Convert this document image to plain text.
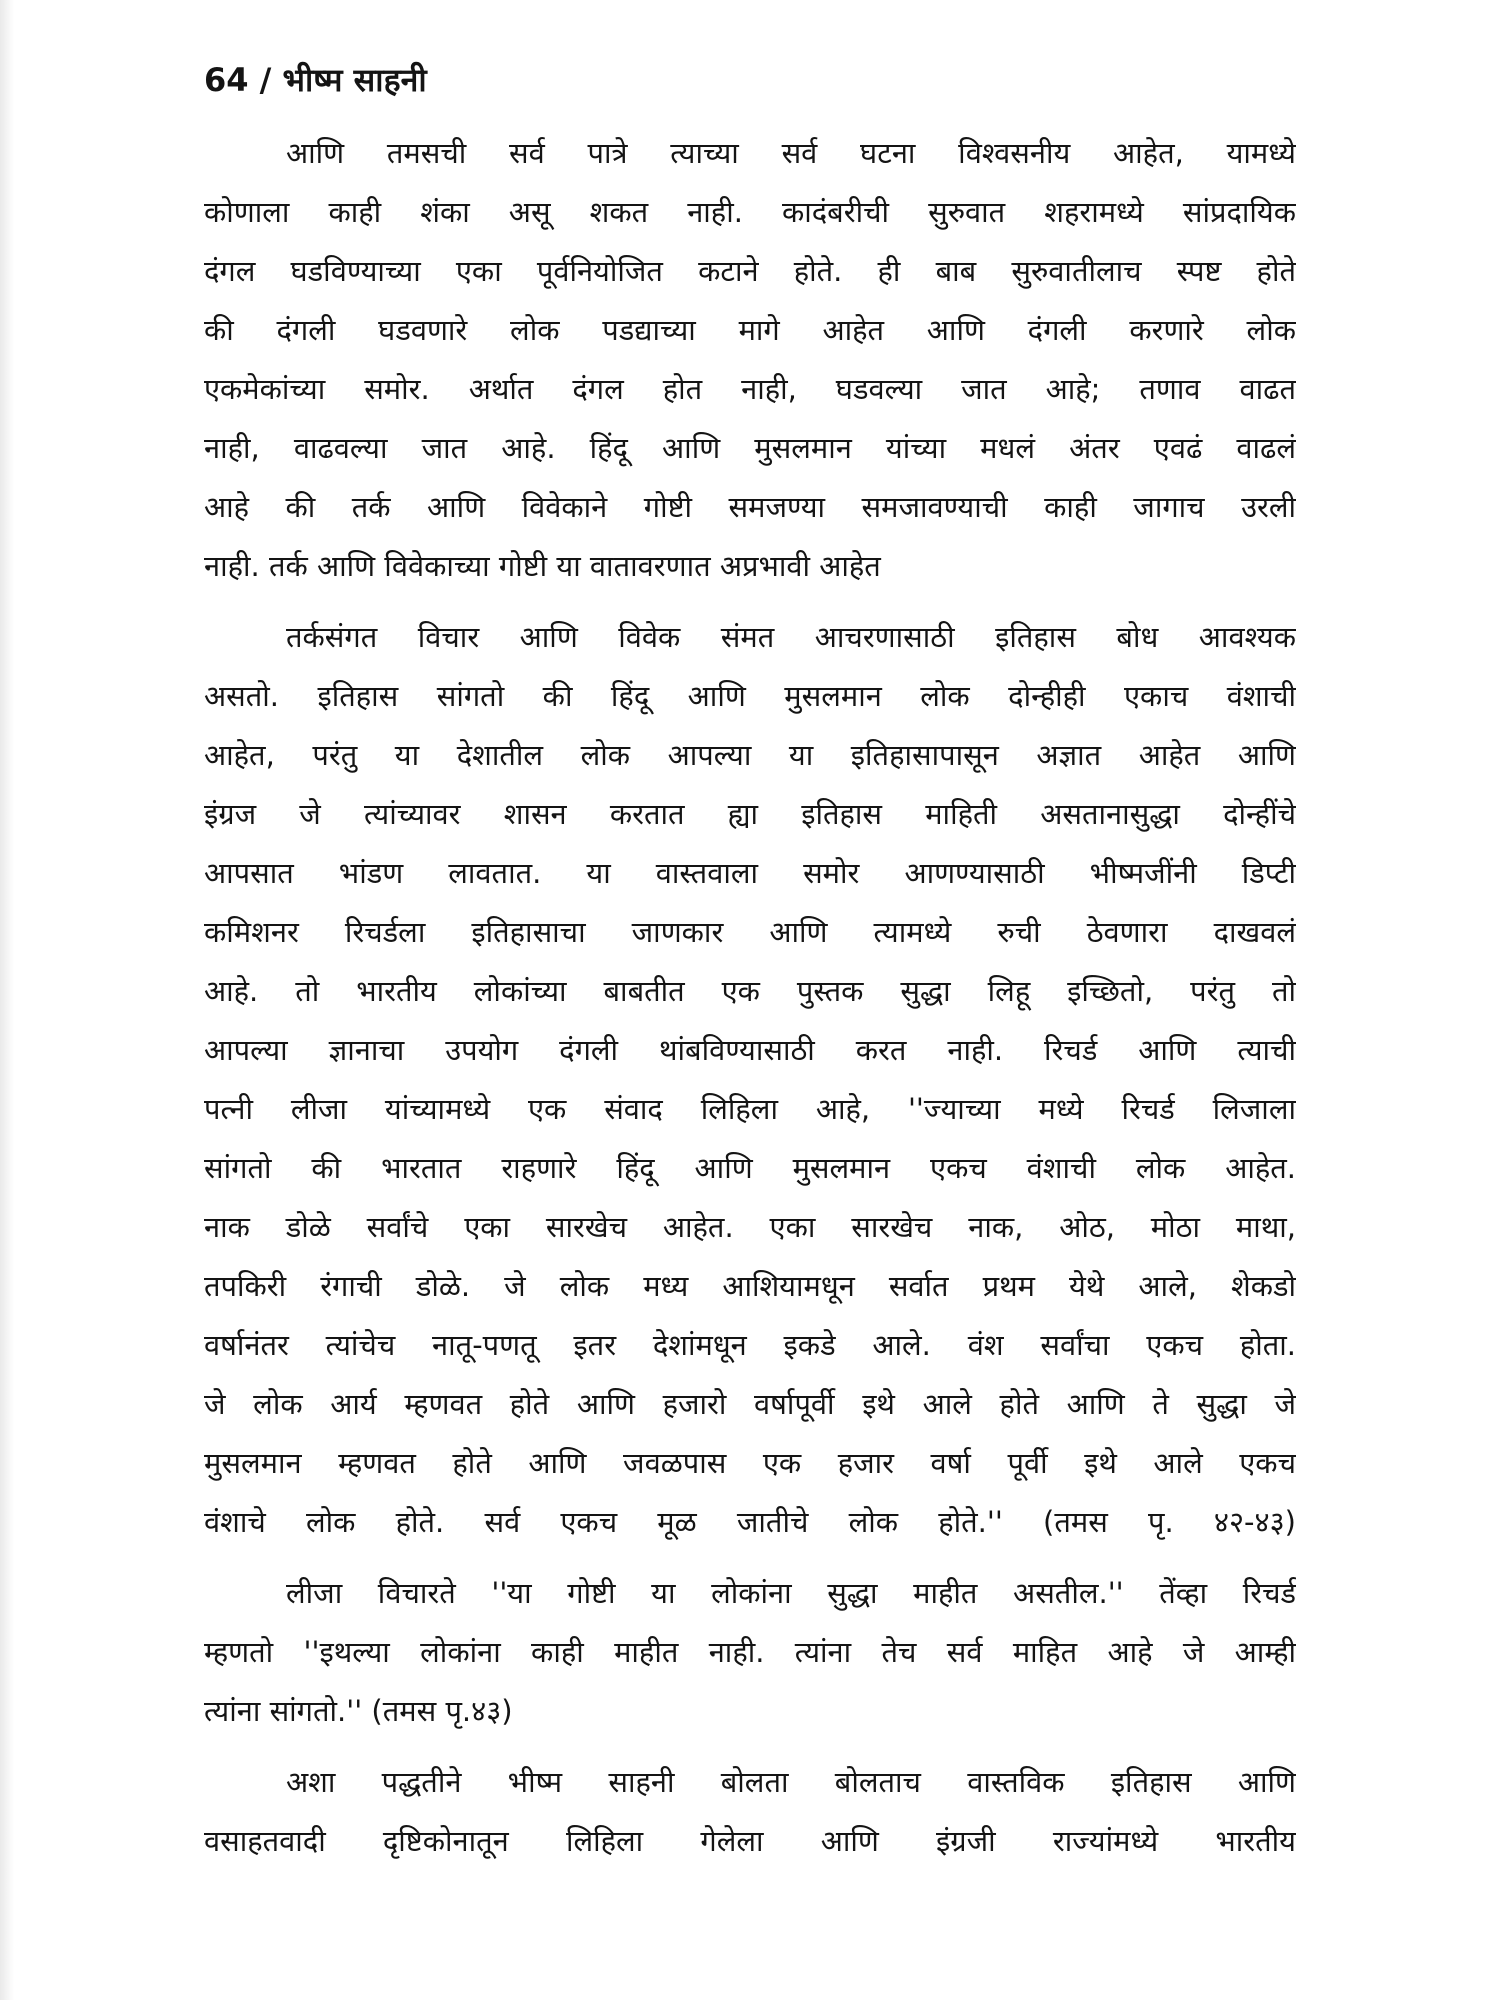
64 / भीष्म साहनी
आणि तमसची सर्व पात्रे त्याच्या सर्व घटना विश्वसनीय आहेत, यामध्ये
कोणाला काही शंका असू शकत नाही. कादंबरीची सुरुवात शहरामध्ये सांप्रदायिक
दंगल घडविण्याच्या एका पूर्वनियोजित कटाने होते. ही बाब सुरुवातीलाच स्पष्ट होते
की दंगली घडवणारे लोक पडद्याच्या मागे आहेत आणि दंगली करणारे लोक
एकमेकांच्या समोर. अर्थात दंगल होत नाही, घडवल्या जात आहे; तणाव वाढत
नाही, वाढवल्या जात आहे. हिंदू आणि मुसलमान यांच्या मधलं अंतर एवढं वाढलं
आहे की तर्क आणि विवेकाने गोष्टी समजण्या समजावण्याची काही जागाच उरली
नाही. तर्क आणि विवेकाच्या गोष्टी या वातावरणात अप्रभावी आहेत
तर्कसंगत विचार आणि विवेक संमत आचरणासाठी इतिहास बोध आवश्यक
असतो. इतिहास सांगतो की हिंदू आणि मुसलमान लोक दोन्हीही एकाच वंशाची
आहेत, परंतु या देशातील लोक आपल्या या इतिहासापासून अज्ञात आहेत आणि
इंग्रज जे त्यांच्यावर शासन करतात ह्या इतिहास माहिती असतानासुद्धा दोन्हींचे
आपसात भांडण लावतात. या वास्तवाला समोर आणण्यासाठी भीष्मजींनी डिप्टी
कमिशनर रिचर्डला इतिहासाचा जाणकार आणि त्यामध्ये रुची ठेवणारा दाखवलं
आहे. तो भारतीय लोकांच्या बाबतीत एक पुस्तक सुद्धा लिहू इच्छितो, परंतु तो
आपल्या ज्ञानाचा उपयोग दंगली थांबविण्यासाठी करत नाही. रिचर्ड आणि त्याची
पत्नी लीजा यांच्यामध्ये एक संवाद लिहिला आहे, ''ज्याच्या मध्ये रिचर्ड लिजाला
सांगतो की भारतात राहणारे हिंदू आणि मुसलमान एकच वंशाची लोक आहेत.
नाक डोळे सर्वांचे एका सारखेच आहेत. एका सारखेच नाक, ओठ, मोठा माथा,
तपकिरी रंगाची डोळे. जे लोक मध्य आशियामधून सर्वात प्रथम येथे आले, शेकडो
वर्षानंतर त्यांचेच नातू-पणतू इतर देशांमधून इकडे आले. वंश सर्वांचा एकच होता.
जे लोक आर्य म्हणवत होते आणि हजारो वर्षापूर्वी इथे आले होते आणि ते सुद्धा जे
मुसलमान म्हणवत होते आणि जवळपास एक हजार वर्षा पूर्वी इथे आले एकच
वंशाचे लोक होते. सर्व एकच मूळ जातीचे लोक होते.'' (तमस पृ. ४२-४३)
लीजा विचारते ''या गोष्टी या लोकांना सुद्धा माहीत असतील.'' तेंव्हा रिचर्ड
म्हणतो ''इथल्या लोकांना काही माहीत नाही. त्यांना तेच सर्व माहित आहे जे आम्ही
त्यांना सांगतो.'' (तमस पृ.४३)
अशा पद्धतीने भीष्म साहनी बोलता बोलताच वास्तविक इतिहास आणि
वसाहतवादी दृष्टिकोनातून लिहिला गेलेला आणि इंग्रजी राज्यांमध्ये भारतीय
